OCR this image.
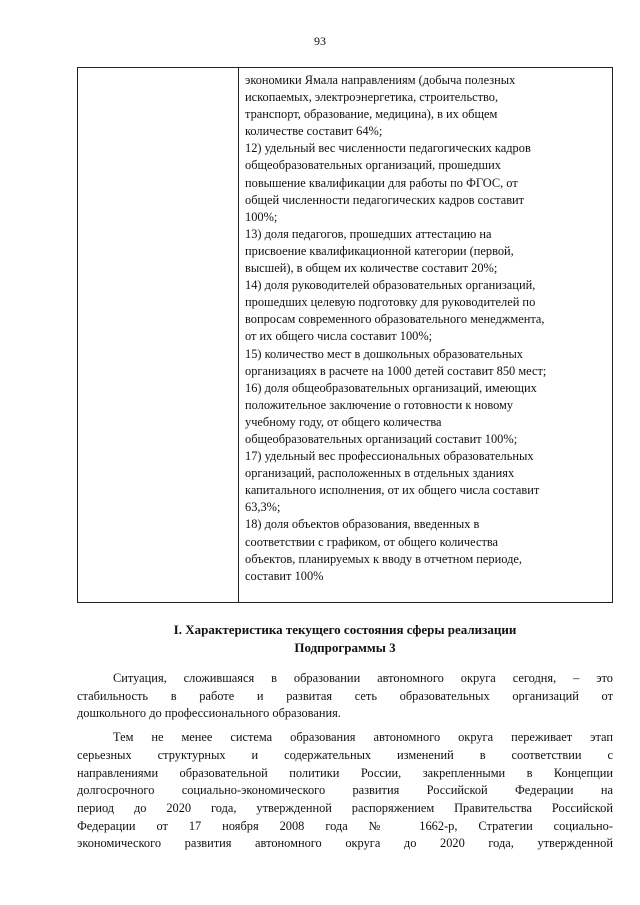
93
экономики Ямала направлениям (добыча полезных
ископаемых, электроэнергетика, строительство,
транспорт, образование, медицина), в их общем
количестве составит 64%;
12) удельный вес численности педагогических кадров
общеобразовательных организаций, прошедших
повышение квалификации для работы по ФГОС, от
общей численности педагогических кадров составит
100%;
13) доля педагогов, прошедших аттестацию на
присвоение квалификационной категории (первой,
высшей), в общем их количестве составит 20%;
14) доля руководителей образовательных организаций,
прошедших целевую подготовку для руководителей по
вопросам современного образовательного менеджмента,
от их общего числа составит 100%;
15) количество мест в дошкольных образовательных
организациях в расчете на 1000 детей составит 850 мест;
16) доля общеобразовательных организаций, имеющих
положительное заключение о готовности к новому
учебному году, от общего количества
общеобразовательных организаций составит 100%;
17) удельный вес профессиональных образовательных
организаций, расположенных в отдельных зданиях
капитального исполнения, от их общего числа составит
63,3%;
18) доля объектов образования, введенных в
соответствии с графиком, от общего количества
объектов, планируемых к вводу в отчетном периоде,
составит 100%
I. Характеристика текущего состояния сферы реализации
Подпрограммы 3
Ситуация, сложившаяся в образовании автономного округа сегодня, – это
стабильность в работе и развитая сеть образовательных организаций от
дошкольного до профессионального образования.
Тем не менее система образования автономного округа переживает этап
серьезных структурных и содержательных изменений в соответствии с
направлениями образовательной политики России, закрепленными в Концепции
долгосрочного социально-экономического развития Российской Федерации на
период до 2020 года, утвержденной распоряжением Правительства Российской
Федерации от 17 ноября 2008 года № 1662-р, Стратегии социально-
экономического развития автономного округа до 2020 года, утвержденной
